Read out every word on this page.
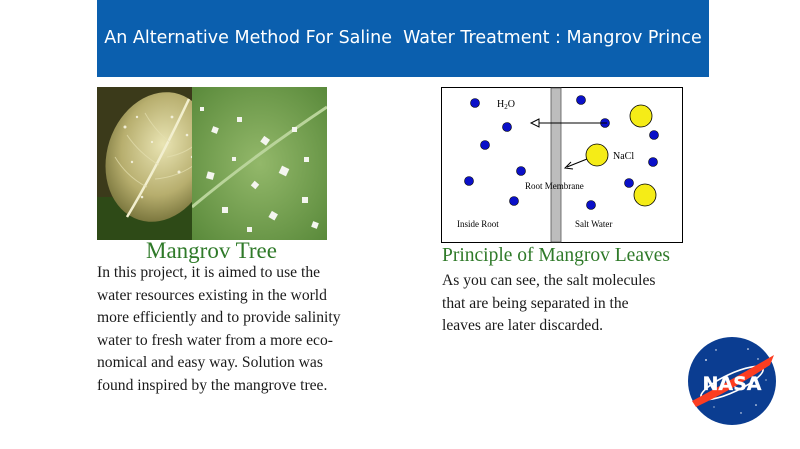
An Alternative Method For Saline  Water Treatment : Mangrov Prince
Mangrov Tree
In this project, it is aimed to use the
water resources existing in the world
more efficiently and to provide salinity
water to fresh water from a more eco-
nomical and easy way. Solution was
found inspired by the mangrove tree.
$H_2O$
NaCl
Root Membrane
Inside Root	Salt Water
Principle of Mangrov Leaves
As you can see, the salt molecules
that are being separated in the
leaves are later discarded.
NASA
